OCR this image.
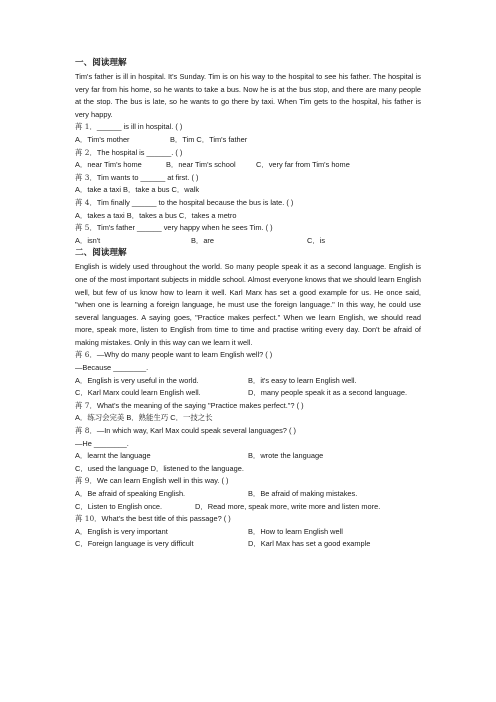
一、阅读理解

Tim's father is ill in hospital. It's Sunday. Tim is on his way to the hospital to see his father. The hospital is very far from his home, so he wants to take a bus. Now he is at the bus stop, and there are many people at the stop. The bus is late, so he wants to go there by taxi. When Tim gets to the hospital, his father is very happy.

苒 1．______ is ill in hospital. ( )
A．Tim's mother	B．Tim C．Tim's father
苒 2．The hospital is ______. ( )
A．near Tim's home	B．near Tim's school	C．very far from Tim's home
苒 3．Tim wants to ______ at first. ( )
A．take a taxi B．take a bus C．walk
苒 4．Tim finally ______ to the hospital because the bus is late. ( )
A．takes a taxi B．takes a bus C．takes a metro
苒 5．Tim's father ______ very happy when he sees Tim. ( )
A．isn't	B．are	C．is
二、阅读理解

English is widely used throughout the world. So many people speak it as a second language. English is one of the most important subjects in middle school. Almost everyone knows that we should learn English well, but few of us know how to learn it well. Karl Marx has set a good example for us. He once said, "when one is learning a foreign language, he must use the foreign language." In this way, he could use several languages. A saying goes, "Practice makes perfect." When we learn English, we should read more, speak more, listen to English from time to time and practise writing every day. Don't be afraid of making mistakes. Only in this way can we learn it well.

苒 6．—Why do many people want to learn English well? ( )
—Because ________.
A．English is very useful in the world.	B．it's easy to learn English well.
C．Karl Marx could learn English well.	D．many people speak it as a second language.
苒 7．What's the meaning of the saying "Practice makes perfect."? ( )
A．练习会完美 B．熟能生巧 C．一技之长
苒 8．—In which way, Karl Max could speak several languages? ( )
—He ________.
A．learnt the language	B．wrote the language
C．used the language D．listened to the language.
苒 9．We can learn English well in this way. ( )
A．Be afraid of speaking English.	B．Be afraid of making mistakes.
C．Listen to English once.	D．Read more, speak more, write more and listen more.
苒 10．What's the best title of this passage? ( )
A．English is very important	B．How to learn English well
C．Foreign language is very difficult	D．Karl Max has set a good example
